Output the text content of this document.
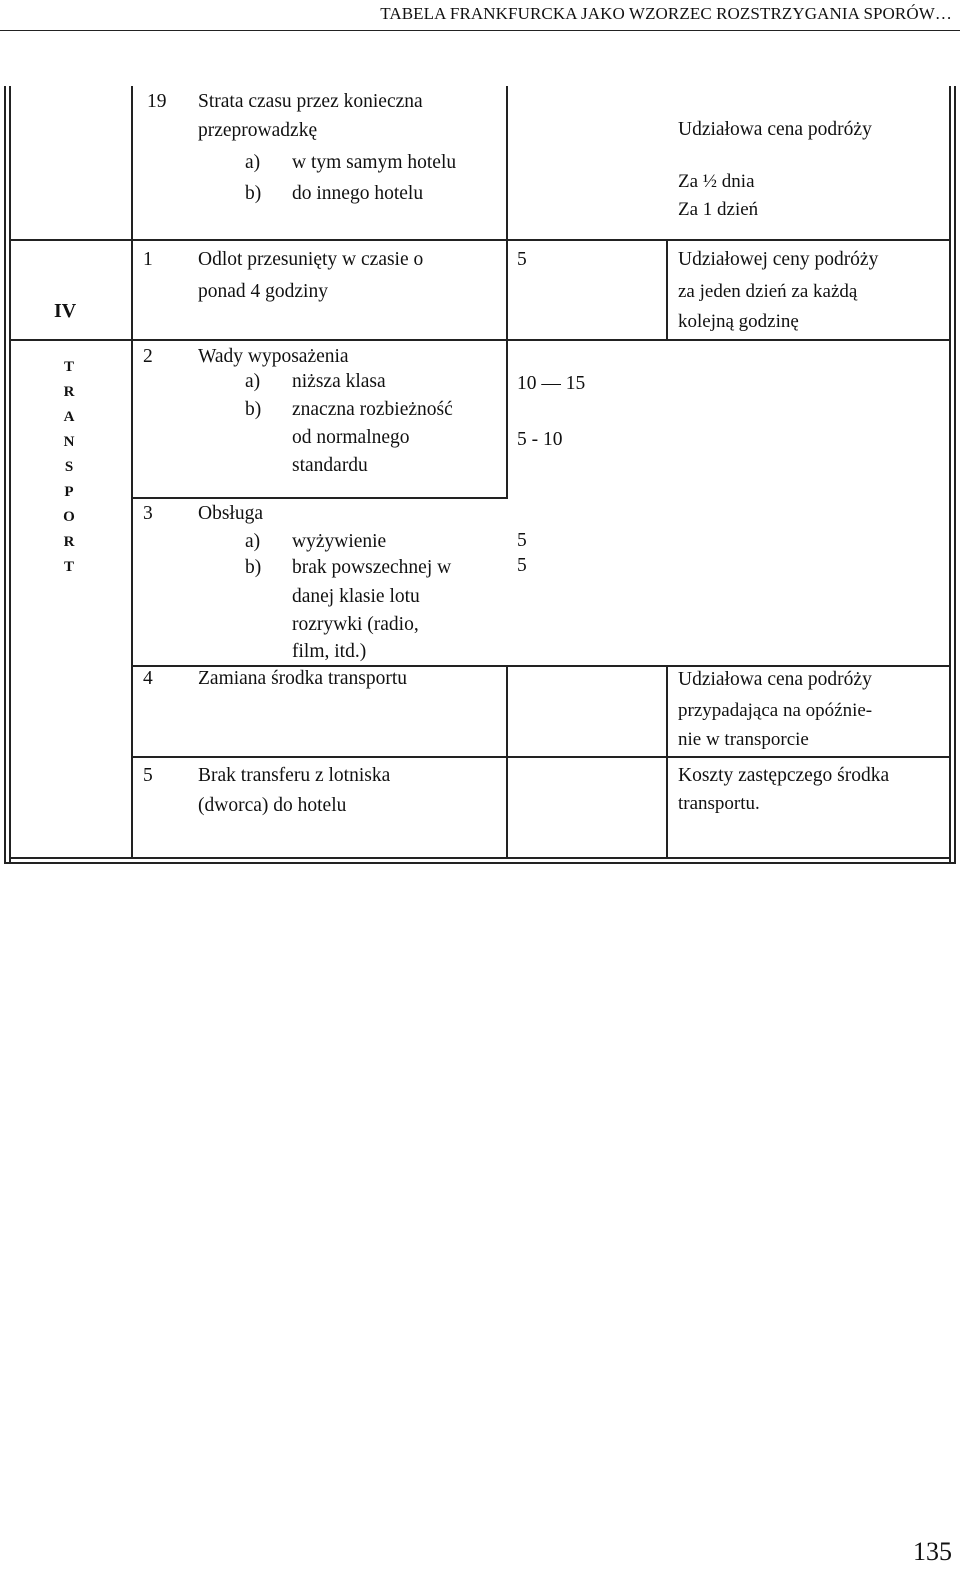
TABELA FRANKFURCKA JAKO WZORZEC ROZSTRZYGANIA SPORÓW…
IV
T
R
A
N
S
P
O
R
T
19 Strata czasu przez konieczna
przeprowadzkę
a) w tym samym hotelu
b) do innego hotelu
Udziałowa cena podróży
Za ½ dnia
Za 1 dzień
1 Odlot przesunięty w czasie o
ponad 4 godziny
5	Udziałowej ceny podróży
za jeden dzień za każdą
kolejną godzinę
2 Wady wyposażenia
a) niższa klasa
b) znaczna rozbieżność
od normalnego
standardu
10 — 15
5 - 10
3 Obsługa
a) wyżywienie
b) brak powszechnej w
danej klasie lotu
rozrywki (radio,
film, itd.)
5
5
4 Zamiana środka transportu	Udziałowa cena podróży
przypadająca na opóźnie-
nie w transporcie
5 Brak transferu z lotniska
(dworca) do hotelu
Koszty zastępczego środka
transportu.
135
